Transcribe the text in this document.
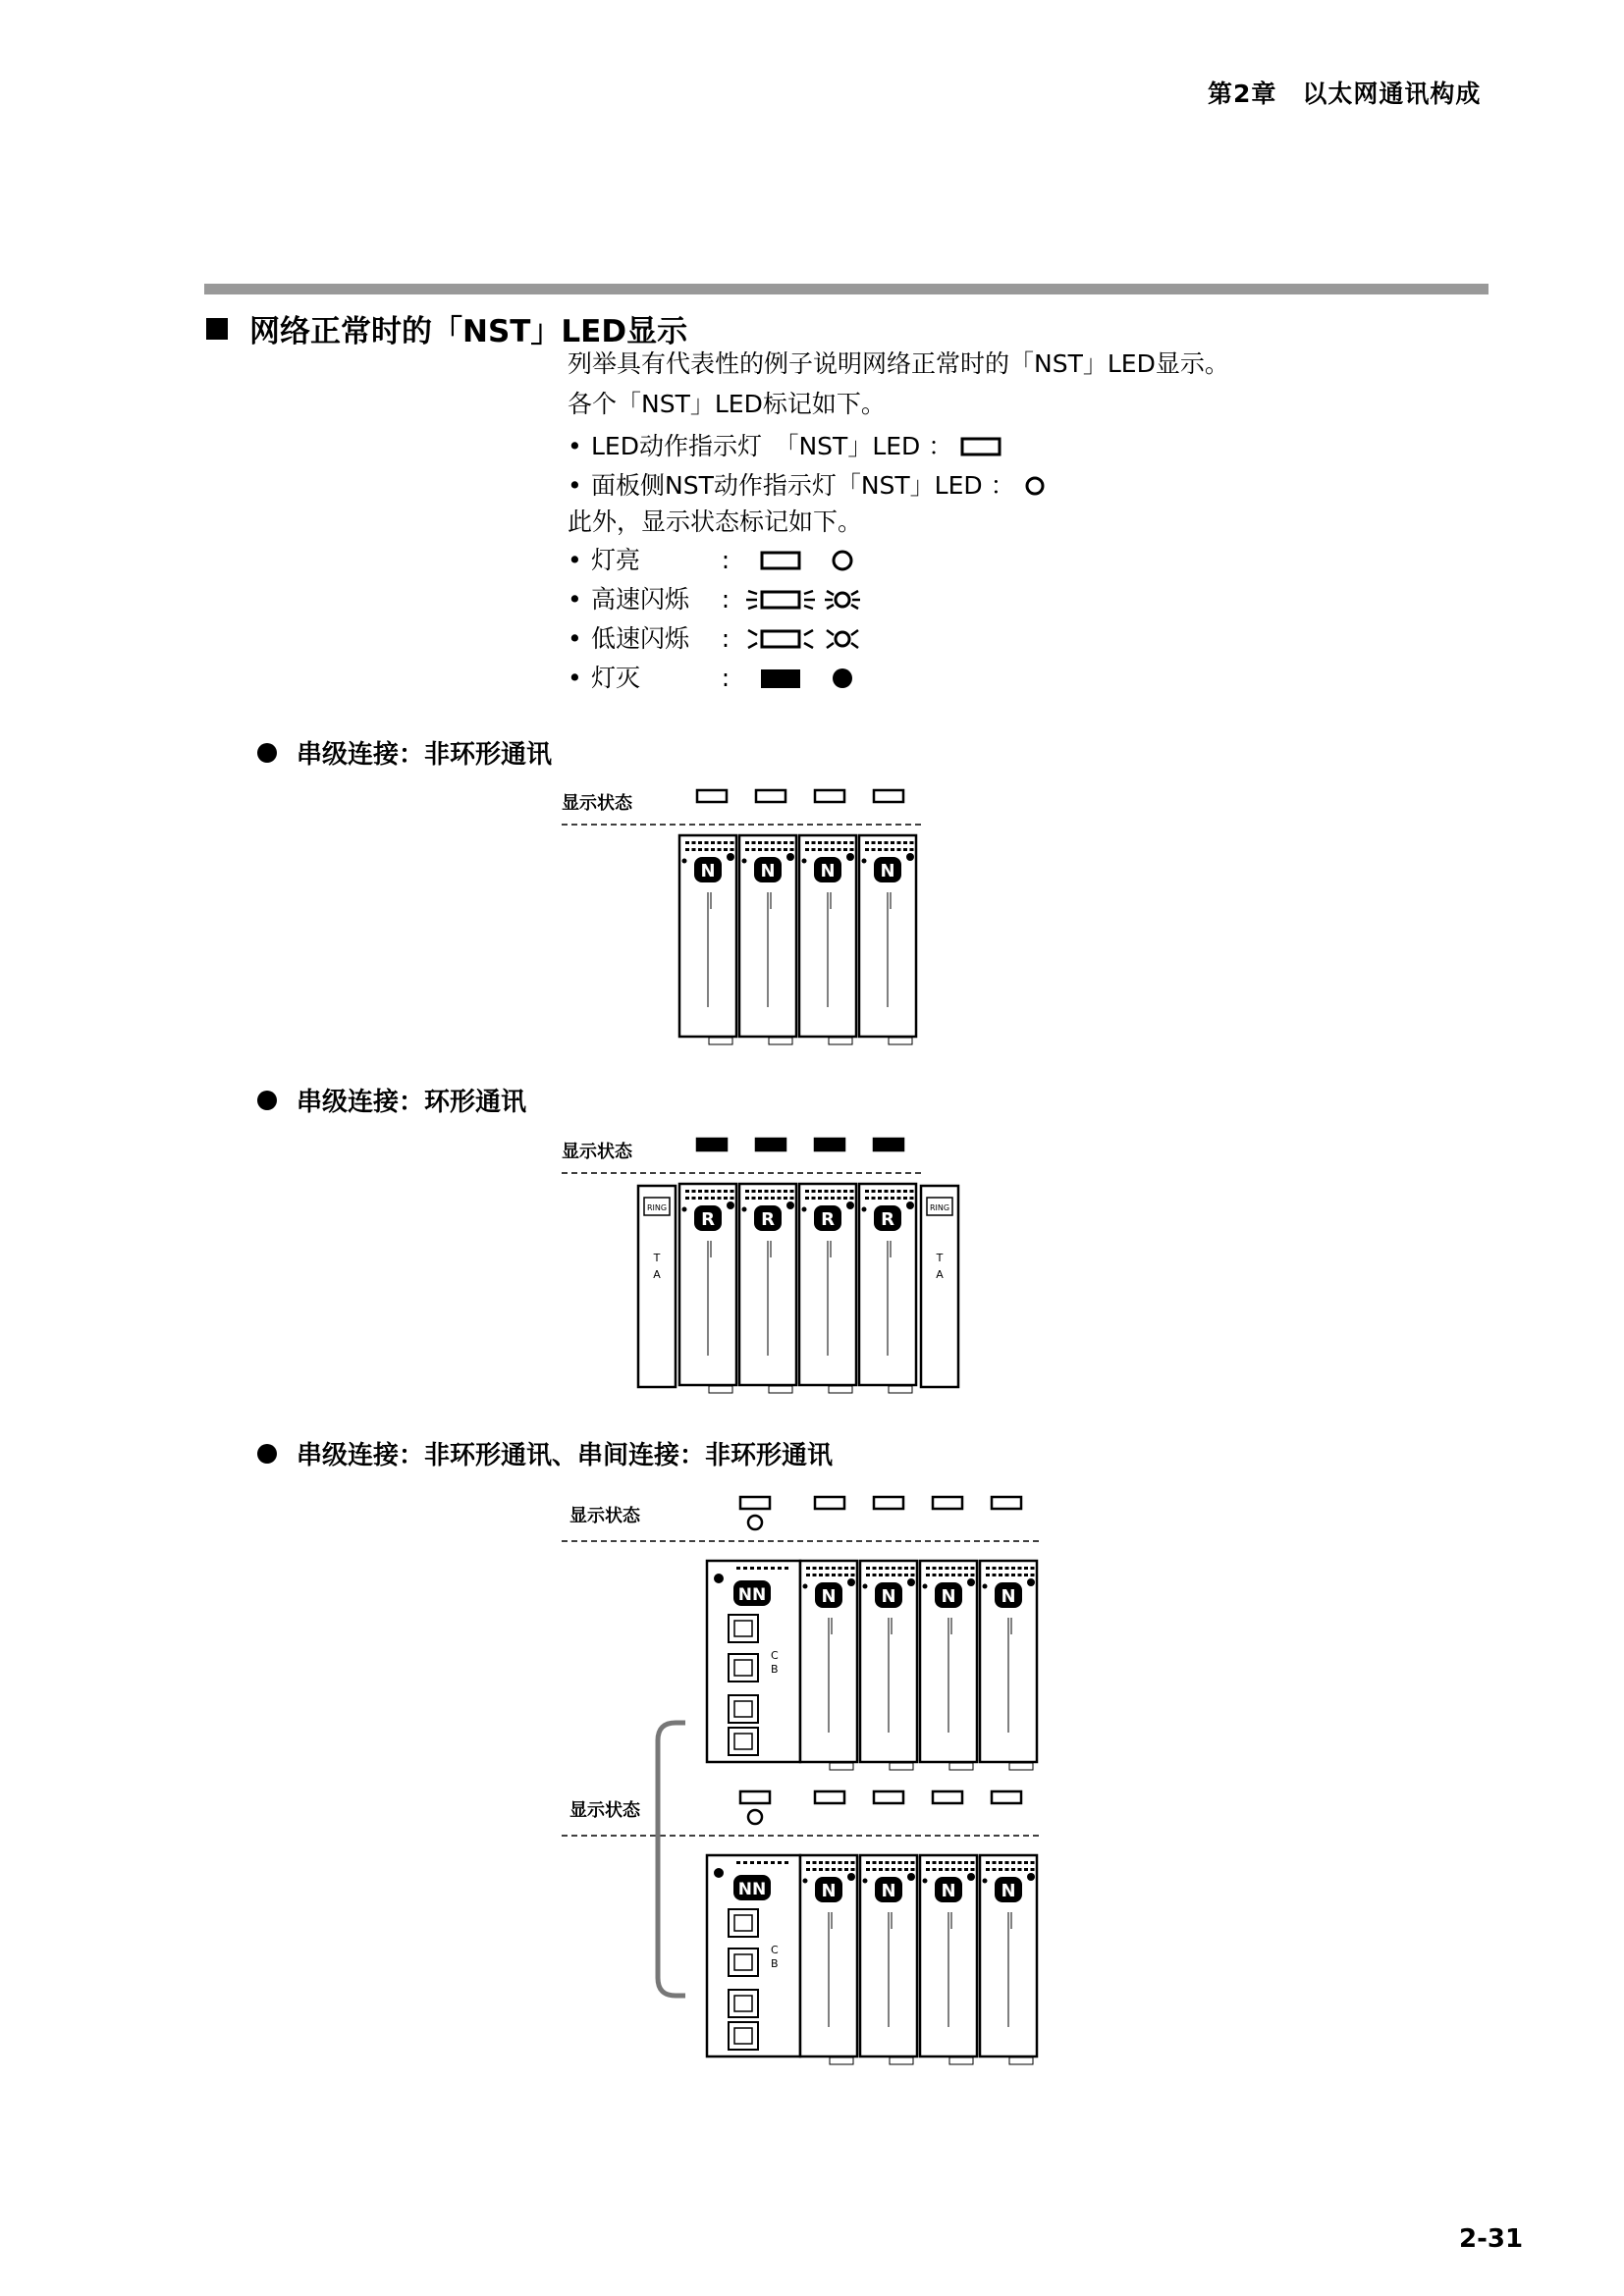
第2章　以太网通讯构成
网络正常时的「NST」LED显示
列举具有代表性的例子说明网络正常时的「NST」LED显示。
各个「NST」LED标记如下。
• LED动作指示灯　「NST」LED ：
• 面板侧NST动作指示灯「NST」LED ：
此外，显示状态标记如下。
• 灯亮	:
• 高速闪烁	:
• 低速闪烁	:
• 灯灭	:
串级连接：非环形通讯
显示状态
N	N	N	N
串级连接：环形通讯
显示状态
RING
T
A
RING
T
A
R	R	R	R
串级连接：非环形通讯、串间连接：非环形通讯
显示状态
显示状态
NN
C
B
N	N	N	N
NN
C
B
N	N	N	N
2-31
